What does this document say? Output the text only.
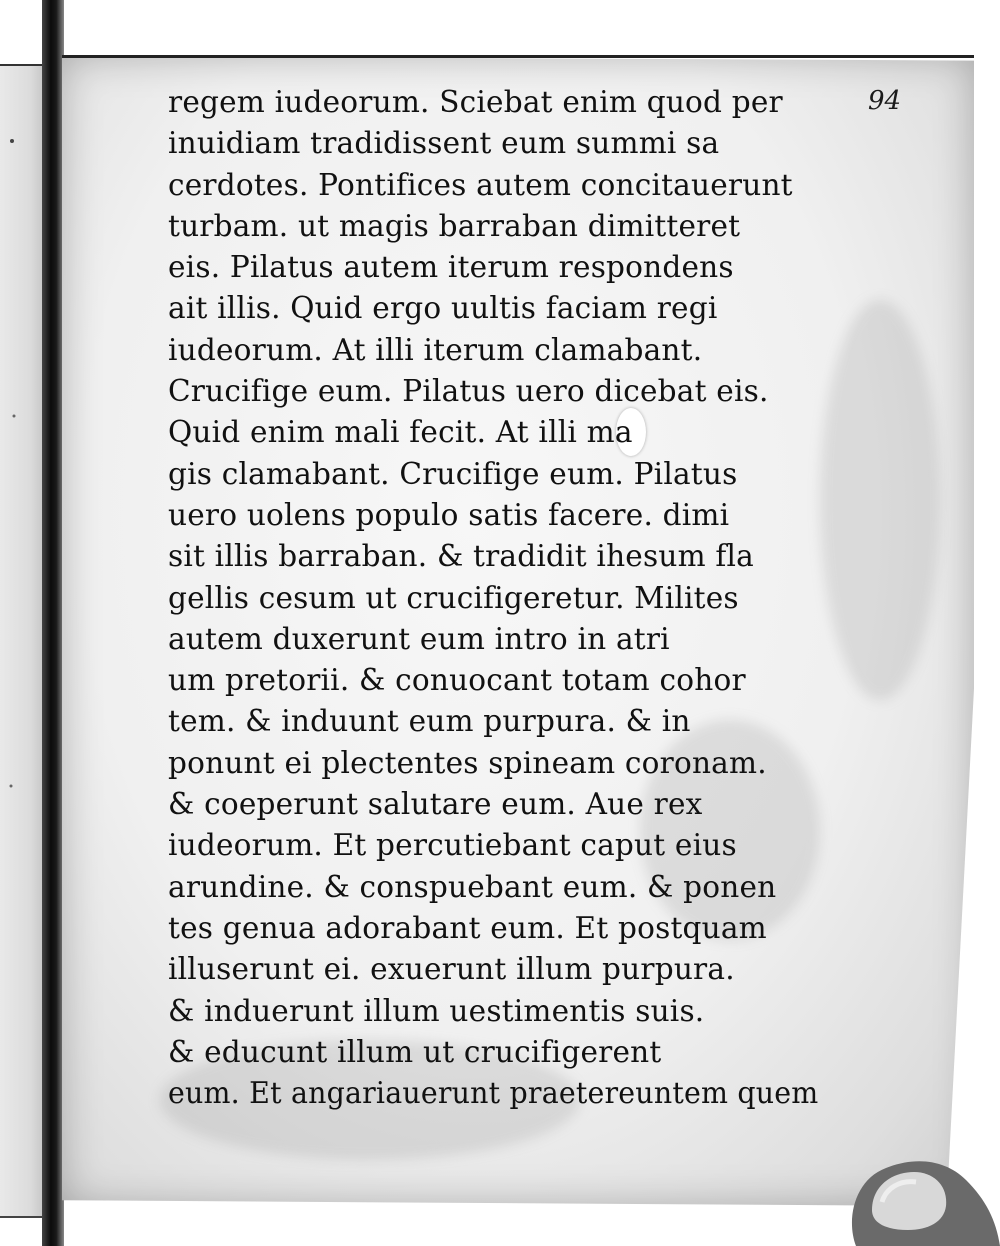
94
regem iudeorum. Sciebat enim quod per
inuidiam tradidissent eum summi sa
cerdotes. Pontifices autem concitauerunt
turbam. ut magis barraban dimitteret
eis. Pilatus autem iterum respondens
ait illis. Quid ergo uultis faciam regi
iudeorum. At illi iterum clamabant.
Crucifige eum. Pilatus uero dicebat eis.
Quid enim mali fecit. At illi ma
gis clamabant. Crucifige eum. Pilatus
uero uolens populo satis facere. dimi
sit illis barraban. & tradidit ihesum fla
gellis cesum ut crucifigeretur. Milites
autem duxerunt eum intro in atri
um pretorii. & conuocant totam cohor
tem. & induunt eum purpura. & in
ponunt ei plectentes spineam coronam.
& coeperunt salutare eum. Aue rex
iudeorum. Et percutiebant caput eius
arundine. & conspuebant eum. & ponen
tes genua adorabant eum. Et postquam
illuserunt ei. exuerunt illum purpura.
& induerunt illum uestimentis suis.
& educunt illum ut crucifigerent
eum. Et angariauerunt praetereuntem quem
